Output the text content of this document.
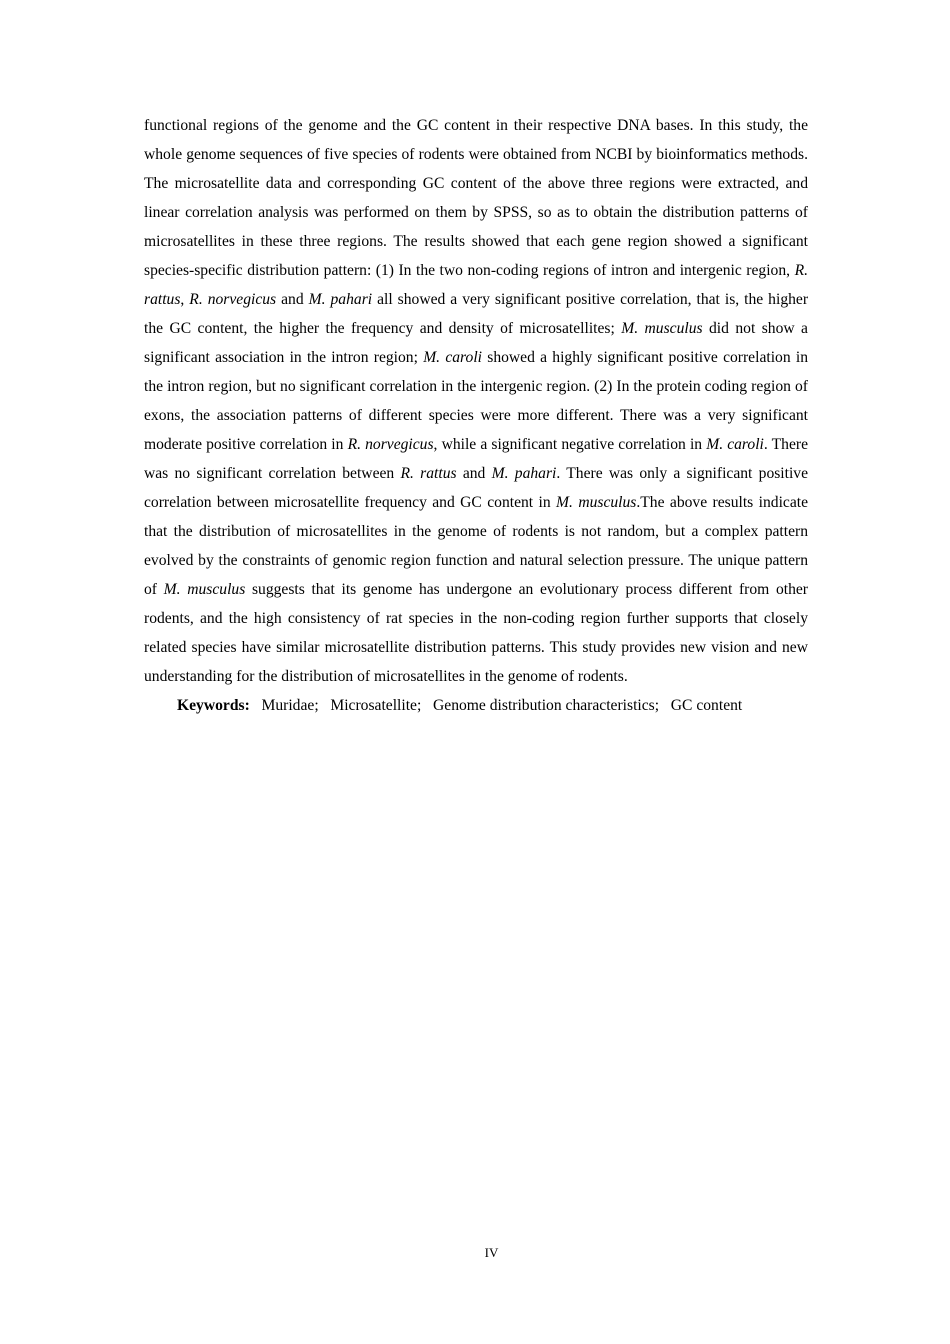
functional regions of the genome and the GC content in their respective DNA bases. In this study, the whole genome sequences of five species of rodents were obtained from NCBI by bioinformatics methods. The microsatellite data and corresponding GC content of the above three regions were extracted, and linear correlation analysis was performed on them by SPSS, so as to obtain the distribution patterns of microsatellites in these three regions. The results showed that each gene region showed a significant species-specific distribution pattern: (1) In the two non-coding regions of intron and intergenic region, R. rattus, R. norvegicus and M. pahari all showed a very significant positive correlation, that is, the higher the GC content, the higher the frequency and density of microsatellites; M. musculus did not show a significant association in the intron region; M. caroli showed a highly significant positive correlation in the intron region, but no significant correlation in the intergenic region. (2) In the protein coding region of exons, the association patterns of different species were more different. There was a very significant moderate positive correlation in R. norvegicus, while a significant negative correlation in M. caroli. There was no significant correlation between R. rattus and M. pahari. There was only a significant positive correlation between microsatellite frequency and GC content in M. musculus.The above results indicate that the distribution of microsatellites in the genome of rodents is not random, but a complex pattern evolved by the constraints of genomic region function and natural selection pressure. The unique pattern of M. musculus suggests that its genome has undergone an evolutionary process different from other rodents, and the high consistency of rat species in the non-coding region further supports that closely related species have similar microsatellite distribution patterns. This study provides new vision and new understanding for the distribution of microsatellites in the genome of rodents.

Keywords: Muridae;   Microsatellite;   Genome distribution characteristics;   GC content

IV
